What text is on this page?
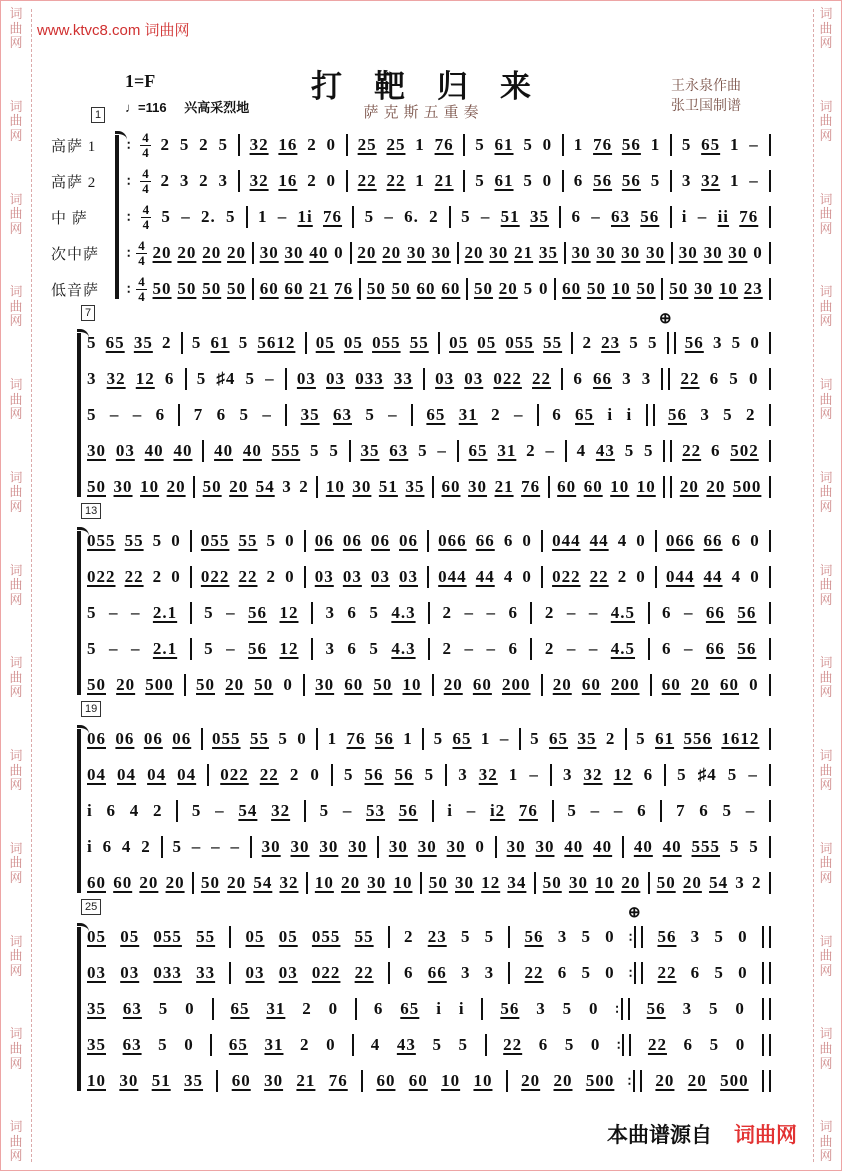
词
曲
网
词
曲
网
词
曲
网
词
曲
网
词
曲
网
词
曲
网
词
曲
网
词
曲
网
词
曲
网
词
曲
网
词
曲
网
词
曲
网
词
曲
网
词
曲
网
词
曲
网
词
曲
网
词
曲
网
词
曲
网
词
曲
网
词
曲
网
词
曲
网
词
曲
网
词
曲
网
词
曲
网
词
曲
网
词
曲
网
www.ktvc8.com 词曲网
1=F
♩=116 兴高采烈地
打靶归来
萨克斯五重奏
王永泉作曲
张卫国制谱
1
高萨 1	∶
4
4 2 5 2 5 32 16 2 0 25 25 1 76 5 61 5 0 1 76 56 1 5 65 1 –
高萨 2	∶
4
4 2 3 2 3 32 16 2 0 22 22 1 21 5 61 5 0 6 56 56 5 3 32 1 –
中 萨	∶
4
4 5 – 2. 5 1 – 1i 76 5 – 6. 2 5 – 51 35 6 – 63 56 i – ii 76
次中萨	∶
4
4 20 20 20 20 30 30 40 0 20 20 30 30 20 30 21 35 30 30 30 30 30 30 30 0
低音萨	∶
4
4 50 50 50 50 60 60 21 76 50 50 60 60 50 20 5 0 60 50 10 50 50 30 10 23
7	⊕
5 65 35 2 5 61 5 5612 05 05 055 55 05 05 055 55 2 23 5 5 56 3 5 0
3 32 12 6 5 ♯4 5 – 03 03 033 33 03 03 022 22 6 66 3 3 22 6 5 0
5 – – 6 7 6 5 – 35 63 5 – 65 31 2 – 6 65 i i 56 3 5 2
30 03 40 40 40 40 555 5 5 35 63 5 – 65 31 2 – 4 43 5 5 22 6 502
50 30 10 20 50 20 54 3 2 10 30 51 35 60 30 21 76 60 60 10 10 20 20 500
13
055 55 5 0 055 55 5 0 06 06 06 06 066 66 6 0 044 44 4 0 066 66 6 0
022 22 2 0 022 22 2 0 03 03 03 03 044 44 4 0 022 22 2 0 044 44 4 0
5 – – 2.1 5 – 56 12 3 6 5 4.3 2 – – 6 2 – – 4.5 6 – 66 56
5 – – 2.1 5 – 56 12 3 6 5 4.3 2 – – 6 2 – – 4.5 6 – 66 56
50 20 500 50 20 50 0 30 60 50 10 20 60 200 20 60 200 60 20 60 0
19
06 06 06 06 055 55 5 0 1 76 56 1 5 65 1 – 5 65 35 2 5 61 556 1612
04 04 04 04 022 22 2 0 5 56 56 5 3 32 1 – 3 32 12 6 5 ♯4 5 –
i 6 4 2 5 – 54 32 5 – 53 56 i – i2 76 5 – – 6 7 6 5 –
i 6 4 2 5 – – – 30 30 30 30 30 30 30 0 30 30 40 40 40 40 555 5 5
60 60 20 20 50 20 54 32 10 20 30 10 50 30 12 34 50 30 10 20 50 20 54 3 2
25	⊕
05 05 055 55 05 05 055 55 2 23 5 5 56 3 5 0 ∶ 56 3 5 0
03 03 033 33 03 03 022 22 6 66 3 3 22 6 5 0 ∶ 22 6 5 0
35 63 5 0 65 31 2 0 6 65 i i 56 3 5 0 ∶ 56 3 5 0
35 63 5 0 65 31 2 0 4 43 5 5 22 6 5 0 ∶ 22 6 5 0
10 30 51 35 60 30 21 76 60 60 10 10 20 20 500 ∶ 20 20 500
本曲谱源自 词曲网
